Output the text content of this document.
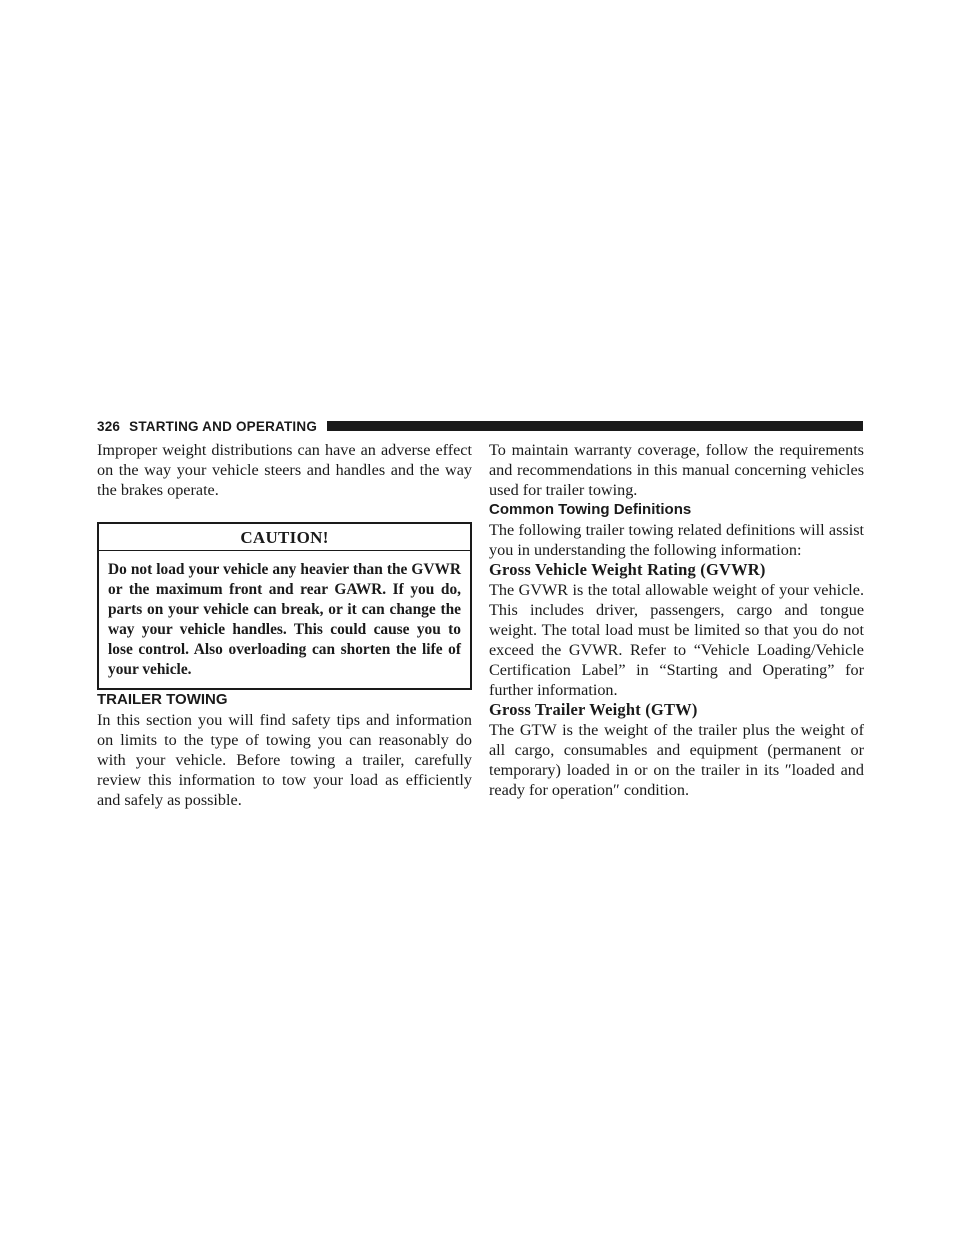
326 STARTING AND OPERATING

Improper weight distributions can have an adverse effect on the way your vehicle steers and handles and the way the brakes operate.

CAUTION!

Do not load your vehicle any heavier than the GVWR or the maximum front and rear GAWR. If you do, parts on your vehicle can break, or it can change the way your vehicle handles. This could cause you to lose control. Also overloading can shorten the life of your vehicle.

TRAILER TOWING

In this section you will find safety tips and information on limits to the type of towing you can reasonably do with your vehicle. Before towing a trailer, carefully review this information to tow your load as efficiently and safely as possible.

To maintain warranty coverage, follow the requirements and recommendations in this manual concerning vehicles used for trailer towing.

Common Towing Definitions

The following trailer towing related definitions will assist you in understanding the following information:

Gross Vehicle Weight Rating (GVWR)

The GVWR is the total allowable weight of your vehicle. This includes driver, passengers, cargo and tongue weight. The total load must be limited so that you do not exceed the GVWR. Refer to “Vehicle Loading/Vehicle Certification Label” in “Starting and Operating” for further information.

Gross Trailer Weight (GTW)

The GTW is the weight of the trailer plus the weight of all cargo, consumables and equipment (permanent or temporary) loaded in or on the trailer in its ″loaded and ready for operation″ condition.
